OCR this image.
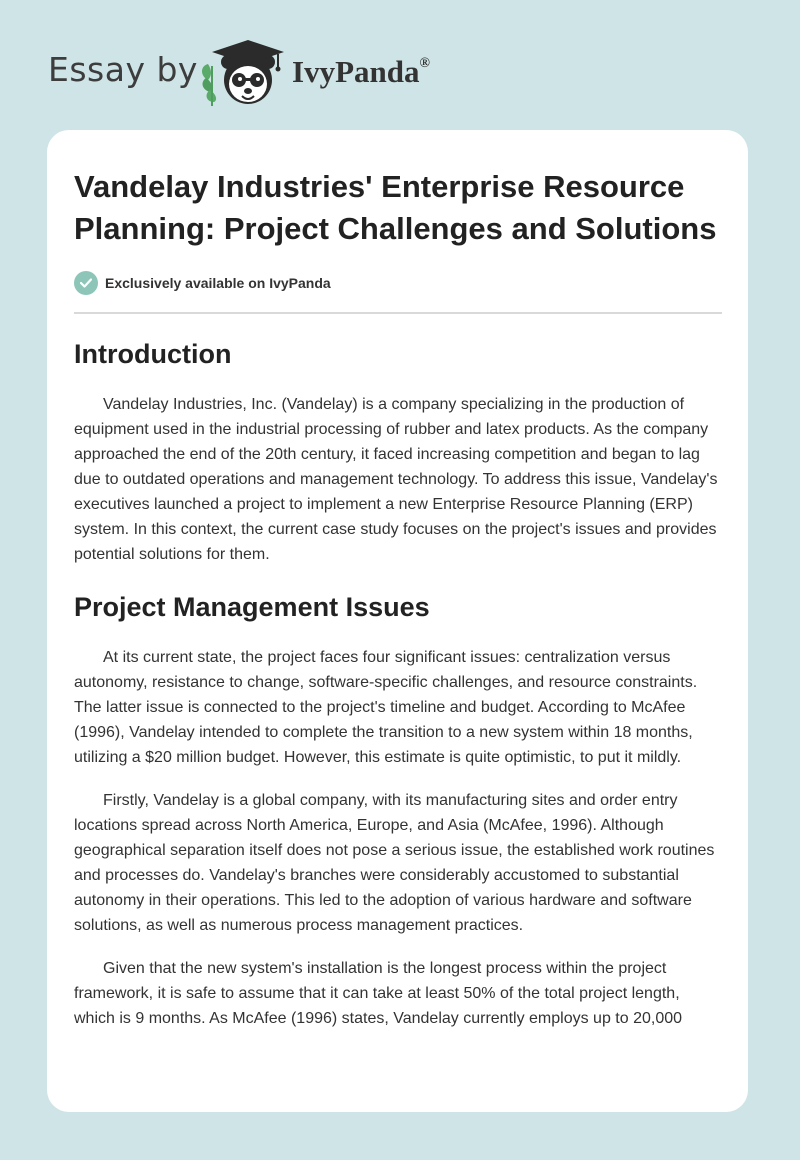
Essay by	IvyPanda®
Vandelay Industries' Enterprise Resource Planning: Project Challenges and Solutions
Exclusively available on IvyPanda
Introduction

Vandelay Industries, Inc. (Vandelay) is a company specializing in the production of equipment used in the industrial processing of rubber and latex products. As the company approached the end of the 20th century, it faced increasing competition and began to lag due to outdated operations and management technology. To address this issue, Vandelay's executives launched a project to implement a new Enterprise Resource Planning (ERP) system. In this context, the current case study focuses on the project's issues and provides potential solutions for them.

Project Management Issues

At its current state, the project faces four significant issues: centralization versus autonomy, resistance to change, software-specific challenges, and resource constraints. The latter issue is connected to the project's timeline and budget. According to McAfee (1996), Vandelay intended to complete the transition to a new system within 18 months, utilizing a $20 million budget. However, this estimate is quite optimistic, to put it mildly.

Firstly, Vandelay is a global company, with its manufacturing sites and order entry locations spread across North America, Europe, and Asia (McAfee, 1996). Although geographical separation itself does not pose a serious issue, the established work routines and processes do. Vandelay's branches were considerably accustomed to substantial autonomy in their operations. This led to the adoption of various hardware and software solutions, as well as numerous process management practices.

Given that the new system's installation is the longest process within the project framework, it is safe to assume that it can take at least 50% of the total project length, which is 9 months. As McAfee (1996) states, Vandelay currently employs up to 20,000
